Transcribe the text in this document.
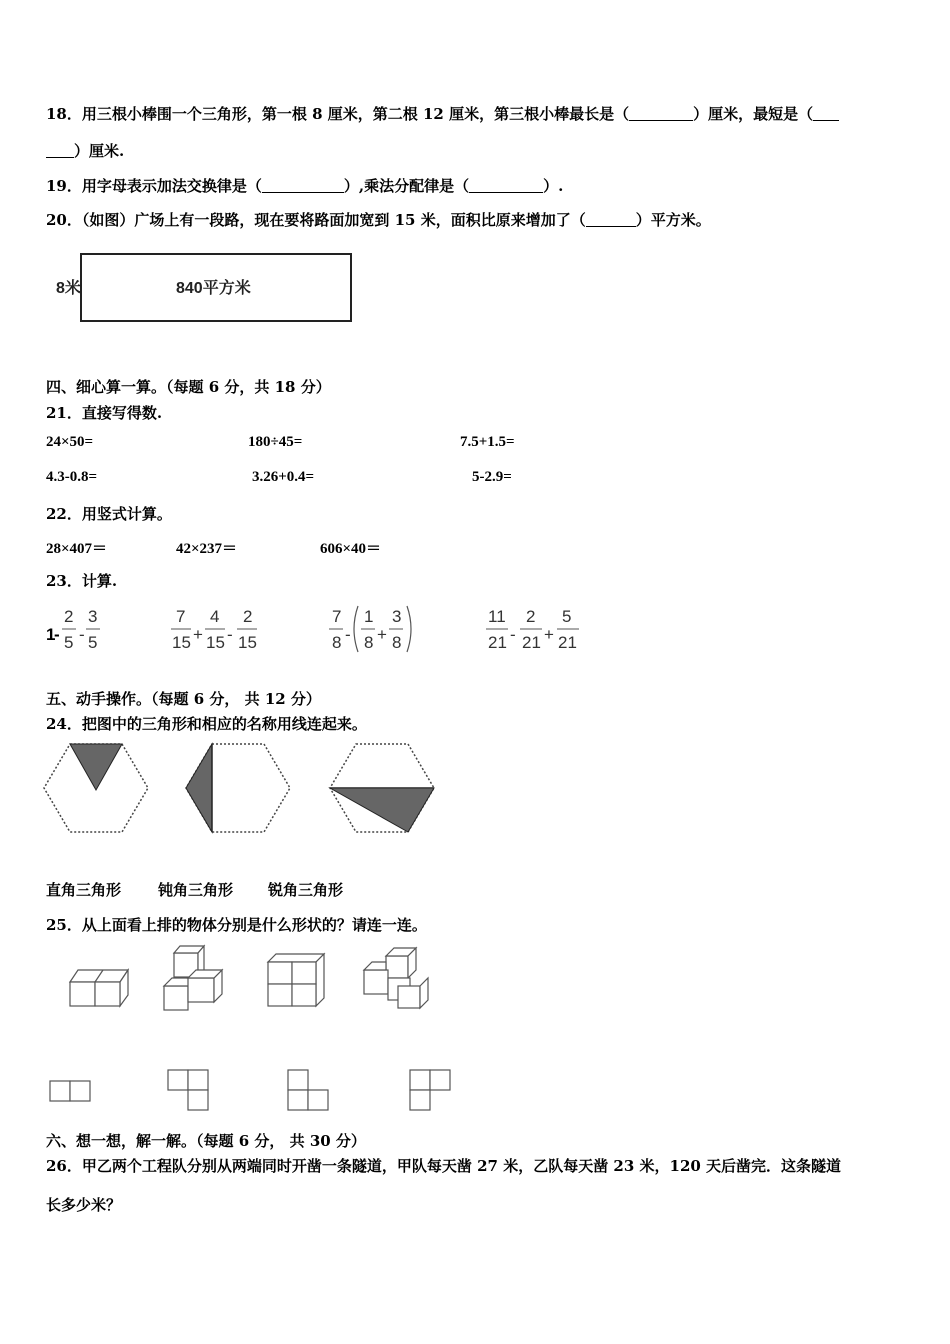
18．用三根小棒围一个三角形，第一根 8 厘米，第二根 12 厘米，第三根小棒最长是（	）厘米，最短是（
）厘米.
19．用字母表示加法交换律是（	）,乘法分配律是（	）.
20．（如图）广场上有一段路，现在要将路面加宽到 15 米，面积比原来增加了（	）平方米。
8米	840平方米
四、细心算一算。（每题 6 分，共 18 分）
21．直接写得数.
24×50=	180÷45=	7.5+1.5=
4.3-0.8=	3.26+0.4=	5-2.9=
22．用竖式计算。
28×407＝	42×237＝	606×40＝
23．计算.
1
-
2
5 -
3
5
7
15 +
4
15 -
2
15
7
8 -
1
8 +
3
8
11
21 -
2
21 +
5
21
五、动手操作。（每题 6 分， 共 12 分）
24．把图中的三角形和相应的名称用线连起来。
直角三角形 钝角三角形 锐角三角形
25．从上面看上排的物体分别是什么形状的？请连一连。
六、想一想，解一解。（每题 6 分， 共 30 分）
26．甲乙两个工程队分别从两端同时开凿一条隧道，甲队每天凿 27 米，乙队每天凿 23 米，120 天后凿完．这条隧道
长多少米？
